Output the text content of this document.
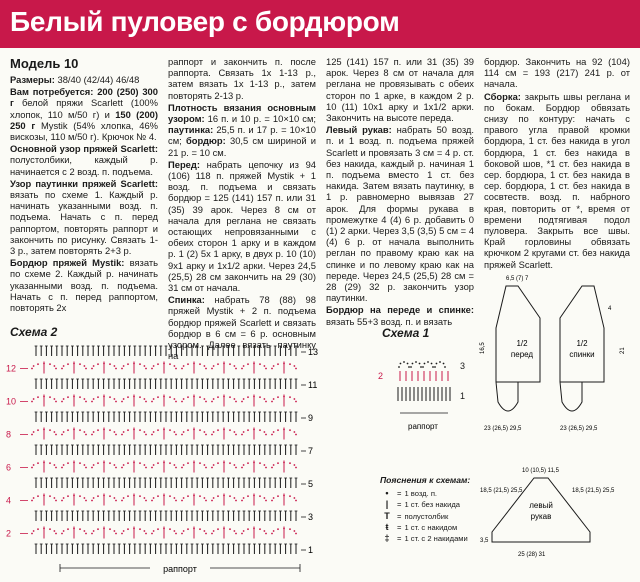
Белый пуловер с бордюром

Модель 10

Размеры: 38/40 (42/44) 46/48

Вам потребуется: 200 (250) 300 г белой пряжи Scarlett (100% хлопок, 110 м/50 г) и 150 (200) 250 г Mystik (54% хлопка, 46% вискозы, 110 м/50 г). Крючок № 4.

Основной узор пряжей Scarlett: полустолбики, каждый р. начинается с 2 возд. п. подъема.

Узор паутинки пряжей Scarlett: вязать по схеме 1. Каждый р. начинать указанными возд. п. подъема. Начать с п. перед раппортом, повторять раппорт и закончить по рисунку. Связать 1-3 р., затем повторять 2+3 р.

Бордюр пряжей Mystik: вязать по схеме 2. Каждый р. начинать указанными возд. п. подъема. Начать с п. перед раппортом, повторять 2х

раппорт и закончить п. после раппорта. Связать 1х 1-13 р., затем вязать 1х 1-13 р., затем повторять 2-13 р.

Плотность вязания основным узором: 16 п. и 10 р. = 10×10 см; паутинка: 25,5 п. и 17 р. = 10×10 см; бордюр: 30,5 см шириной и 21 р. = 10 см.

Перед: набрать цепочку из 94 (106) 118 п. пряжей Mystik + 1 возд. п. подъема и связать бордюр = 125 (141) 157 п. или 31 (35) 39 арок. Через 8 см от начала для реглана не связать остающих непровязанными с обеих сторон 1 арку и в каждом р. 1 (2) 5х 1 арку, в двух р. 10 (10) 9х1 арку и 1х1/2 арки. Через 24,5 (25,5) 28 см закончить на 29 (30) 31 см от начала.

Спинка: набрать 78 (88) 98 пряжей Mystik + 2 п. подъема бордюр пряжей Scarlett и связать бордюр в 6 см = 6 р. основным узором. Далее вязать паутинку на

125 (141) 157 п. или 31 (35) 39 арок. Через 8 см от начала для реглана не провязывать с обеих сторон по 1 арке, в каждом 2 р. 10 (11) 10х1 арку и 1х1/2 арки. Закончить на высоте переда.

Левый рукав: набрать 50 возд. п. и 1 возд. п. подъема пряжей Scarlett и провязать 3 см = 4 р. ст. без накида, каждый р. начиная 1 п. подъема вместо 1 ст. без накида. Затем вязать паутинку, в 1 р. равномерно вывязав 27 арок. Для формы рукава в промежутке 4 (4) 6 р. добавить 0 (1) 2 арки. Через 3,5 (3,5) 5 см = 4 (4) 6 р. от начала выполнить реглан по правому краю как на спинке и по левому краю как на переде. Через 24,5 (25,5) 28 см = 28 (29) 32 р. закончить узор паутинки.

Бордюр на переде и спинке: вязать 55+3 возд. п. и вязать

бордюр. Закончить на 92 (104) 114 см = 193 (217) 241 р. от начала.

Сборка: закрыть швы реглана и по бокам. Бордюр обвязать снизу по контуру: начать с правого угла правой кромки бордюра, 1 ст. без накида в угол бордюра, 1 ст. без накида в боковой шов, *1 ст. без накида в сер. бордюра, 1 ст. без накида в сер. бордюра, 1 ст. без накида в сосвтеств. возд. п. набрного края, повторить от *, время от времени подтягивая подол пуловера. Закрыть все швы. Край горловины обвязать крючком 2 кругами ст. без накида пряжей Scarlett.

Схема 2
13
12
11
10
9
8
7
6
5
4
3
2
1
раппорт
Схема 1
3
2
1
раппорт
Пояснения к схемам:
•	= 1 возд. п.
|	= 1 ст. без накида
T = полустолбик
ŧ	= 1 ст. с накидом
‡ = 1 ст. с 2 накидами
1/2
перед
1/2
спинки
6,5 (7) 7
23 (26,5) 29,5	23 (26,5) 29,5
16,5	21
4
левый
рукав
10 (10,5) 11,5
18,5 (21,5) 25,5	18,5 (21,5) 25,5
25 (28) 31
3,5
